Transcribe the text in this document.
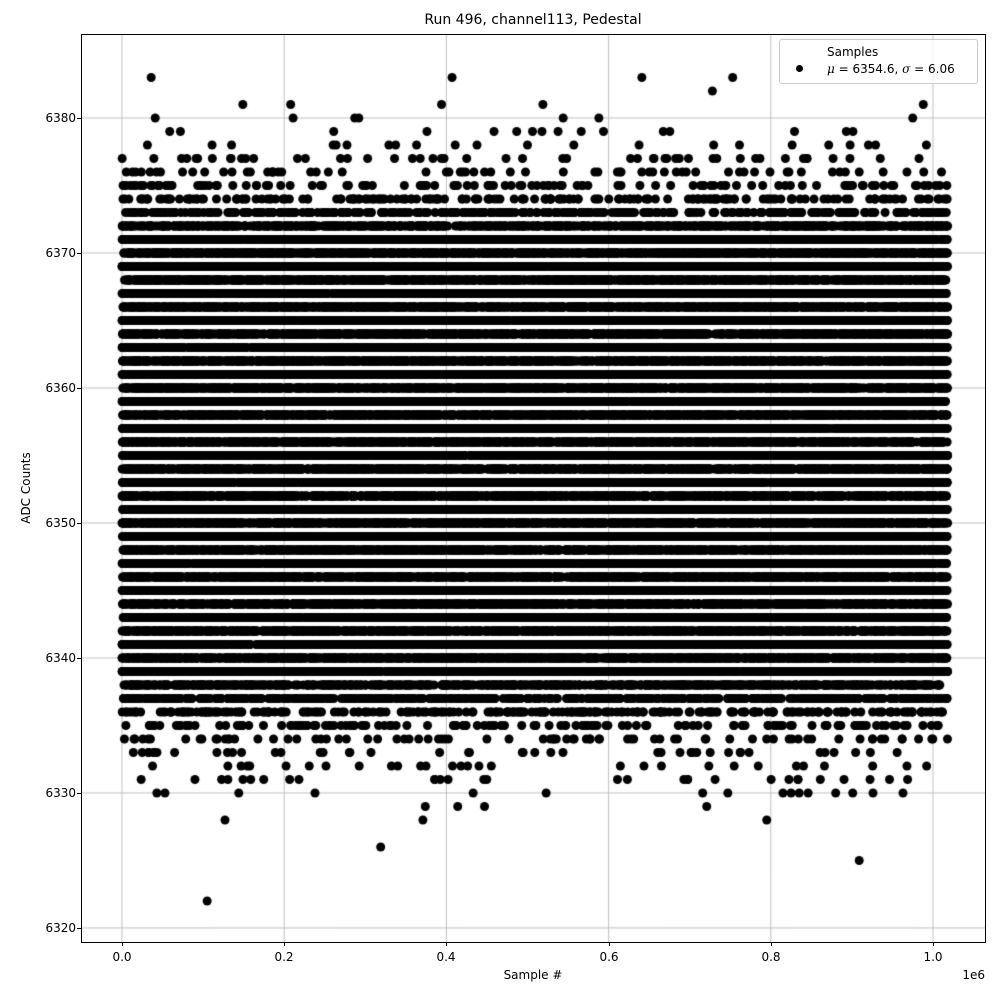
Run 496, channel113, Pedestal
0.0	0.2	0.4	0.6	0.8	1.0
6320
6330
6340
6350
6360
6370
6380
Sample #
ADC Counts
1e6
Samples
μ = 6354.6, σ = 6.06
